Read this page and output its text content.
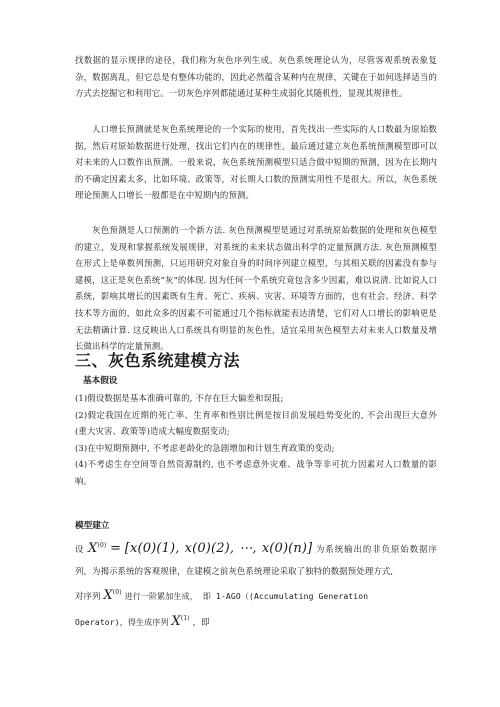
找数据的显示规律的途径，我们称为灰色序列生成。灰色系统理论认为，尽管客观系统表象复杂，数据离乱，但它总是有整体功能的，因此必然蕴含某种内在规律，关键在于如何选择适当的方式去挖掘它和利用它。一切灰色序列都能通过某种生成弱化其随机性，显现其规律性。

人口增长预测就是灰色系统理论的一个实际的使用，首先找出一些实际的人口数最为原始数据，然后对原始数据进行处理，找出它们内在的规律性，最后通过建立灰色系统预测模型即可以对未来的人口数作出预测。一般来说，灰色系统预测模型只适合做中短期的预测，因为在长期内的不确定因素太多，比如环境、政策等，对长期人口数的预测实用性不是很大。所以，灰色系统理论预测人口增长一般都是在中短期内的预测。

灰色预测是人口预测的一个新方法. 灰色预测模型是通过对系统原始数据的处理和灰色模型的建立，发现和掌握系统发展规律，对系统的未来状态做出科学的定量预测方法. 灰色预测模型在形式上是单数列预测，只运用研究对象自身的时间序列建立模型，与其相关联的因素没有参与建模，这正是灰色系统“灰”的体现. 因为任何一个系统究竟包含多少因素，难以说清. 比如说人口系统，影响其增长的因素既有生育、死亡、疾病、灾害、环境等方面的，也有社会、经济、科学技术等方面的，如此众多的因素不可能通过几个指标就能表达清楚，它们对人口增长的影响更是无法精确计算. 这反映出人口系统具有明显的灰色性，适宜采用灰色模型去对未来人口数量及增长做出科学的定量预测。

三、灰色系统建模方法

基本假设

(1)假设数据是基本准确可靠的, 不存在巨大偏差和误报;

(2)假定我国在近期的死亡率、生育率和性别比例是按目前发展趋势变化的, 不会出现巨大意外(重大灾害、政策等)造成大幅度数据变动;

(3)在中短期预测中, 不考虑老龄化的急剧增加和计划生育政策的变动;

(4)不考虑生存空间等自然资源制约, 也不考虑意外灾难、战争等非可抗力因素对人口数量的影响。

模型建立

设 $X^{(0)} = [x(0)(1)$, x(0)(2), ⋯, x(0)(n)] 为系统输出的非负原始数据序列，为揭示系统的客观规律，在建模之前灰色系统理论采取了独特的数据预处理方式,

对序列 $X^{(0)}$ 进行一阶累加生成， 即 1-AGO（(Accumulating Generation

Operator)，得生成序列 $X^{(1)}$ ，即
